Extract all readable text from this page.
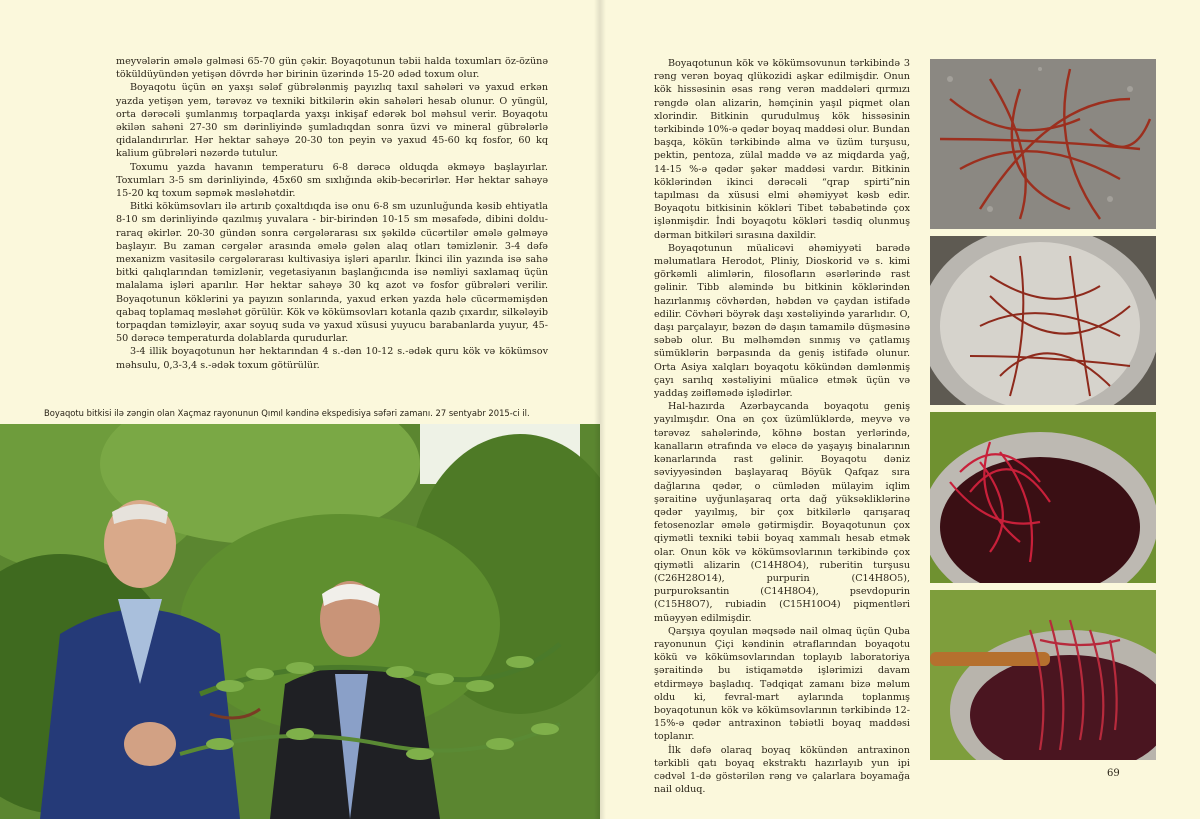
meyvələrin əmələ gəlməsi 65-70 gün çəkir. Boyaqotunun təbii halda toxumları öz-özünə töküldüyündən yetişən dövrdə hər birinin üzərində 15-20 ədəd toxum olur.

Boyaqotu üçün ən yaxşı sələf gübrələnmiş payızlıq taxıl sahələri və yaxud erkən yazda yetişən yem, tərəvəz və texniki bitkilərin əkin sahələri hesab olunur. O yüngül, orta dərəcəli şumlanmış torpaqlarda yaxşı inkişaf edərək bol məhsul verir. Boyaqotu əkilən sahəni 27-30 sm dərinliyində şumladıqdan sonra üzvi və mineral gübrələrlə qidalandırırlar. Hər hektar sahəyə 20-30 ton peyin və yaxud 45-60 kq fosfor, 60 kq kalium gübrələri nəzərdə tutulur.

Toxumu yazda havanın temperaturu 6-8 dərəcə olduqda əkməyə başlayırlar. Toxumları 3-5 sm dərinliyində, 45x60 sm sıxlığında əkib-becərirlər. Hər hektar sahəyə 15-20 kq toxum səpmək məsləhətdir.

Bitki kökümsovları ilə artırıb çoxaltdıqda isə onu 6-8 sm uzunluğunda kəsib ehtiyatla 8-10 sm dərinliyində qazılmış yuvalara - bir-birindən 10-15 sm məsafədə, dibini dolduraraq əkirlər. 20-30 gündən sonra cərgələrarası sıx şəkildə cücərtilər əmələ gəlməyə başlayır. Bu zaman cərgələr arasında əmələ gələn alaq otları təmizlənir. 3-4 dəfə mexanizm vasitəsilə cərgələrarası kultivasiya işləri aparılır. İkinci ilin yazında isə sahə bitki qalıqlarından təmizlənir, vegetasiyanın başlanğıcında isə nəmliyi saxlamaq üçün malalama işləri aparılır. Hər hektar sahəyə 30 kq azot və fosfor gübrələri verilir. Boyaqotunun köklərini ya payızın sonlarında, yaxud erkən yazda hələ cücərməmişdən qabaq toplamaq məsləhət görülür. Kök və kökümsovları kotanla qazıb çıxardır, silkələyib torpaqdan təmizləyir, axar soyuq suda və yaxud xüsusi yuyucu barabanlarda yuyur, 45-50 dərəcə temperaturda dolablarda qurudurlar.

3-4 illik boyaqotunun hər hektarından 4 s.-dən 10-12 s.-ədək quru kök və kökümsov məhsulu, 0,3-3,4 s.-ədək toxum götürülür.

Boyaqotu bitkisi ilə zəngin olan Xaçmaz rayonunun Qımıl kəndinə ekspedisiya səfəri zamanı. 27 sentyabr 2015-ci il.

Boyaqotunun kök və kökümsovunun tərkibində 3 rəng verən boyaq qlükozidi aşkar edilmişdir. Onun kök hissəsinin əsas rəng verən maddələri qırmızı rəngdə olan alizarin, həmçinin yaşıl piqmet olan xlorindir. Bitkinin qurudulmuş kök hissəsinin tərkibində 10%-ə qədər boyaq maddəsi olur. Bundan başqa, kökün tərkibində alma və üzüm turşusu, pektin, pentoza, zülal maddə və az miqdarda yağ, 14-15 %-ə qədər şəkər maddəsi vardır. Bitkinin köklərindən ikinci dərəcəli “qrap spirti”nin tapılması da xüsusi elmi əhəmiyyət kəsb edir. Boyaqotu bitkisinin kökləri Tibet təbabətində çox işlənmişdir. İndi boyaqotu kökləri təsdiq olunmuş dərman bitkiləri sırasına daxildir.

Boyaqotunun müalicəvi əhəmiyyəti barədə məlumatlara Herodot, Pliniy, Dioskorid və s. kimi görkəmli alimlərin, filosofların əsərlərində rast gəlinir. Tibb aləmində bu bitkinin köklərindən hazırlanmış cövhərdən, həbdən və çaydan istifadə edilir. Cövhəri böyrək daşı xəstəliyində yararlıdır. O, daşı parçalayır, bəzən də daşın tamamilə düşməsinə səbəb olur. Bu məlhəmdən sınmış və çatlamış sümüklərin bərpasında da geniş istifadə olunur. Orta Asiya xalqları boyaqotu kökündən dəmlənmiş çayı sarılıq xəstəliyini müalicə etmək üçün və yaddaş zəifləmədə işlədirlər.

Hal-hazırda Azərbaycanda boyaqotu geniş yayılmışdır. Ona ən çox üzümlüklərdə, meyvə və tərəvəz sahələrində, köhnə bostan yerlərində, kanalların ətrafında və eləcə də yaşayış binalarının kənarlarında rast gəlinir. Boyaqotu dəniz səviyyəsindən başlayaraq Böyük Qafqaz sıra dağlarına qədər, o cümlədən mülayim iqlim şəraitinə uyğunlaşaraq orta dağ yüksəkliklərinə qədər yayılmış, bir çox bitkilərlə qarışaraq fetosenozlar əmələ gətirmişdir. Boyaqotunun çox qiymətli texniki təbii boyaq xammalı hesab etmək olar. Onun kök və kökümsovlarının tərkibində çox qiymətli alizarin (C14H8O4), ruberitin turşusu (C26H28O14), purpurin (C14H8O5), purpuroksantin (C14H8O4), psevdopurin (C15H8O7), rubiadin (C15H10O4) piqmentləri müəyyən edilmişdir.

Qarşıya qoyulan məqsədə nail olmaq üçün Quba rayonunun Çiçi kəndinin ətraflarından boyaqotu kökü və kökümsovlarından toplayıb laboratoriya şəraitində bu istiqamətdə işlərimizi davam etdirməyə başladıq. Tədqiqat zamanı bizə məlum oldu ki, fevral-mart aylarında toplanmış boyaqotunun kök və kökümsovlarının tərkibində 12-15%-ə qədər antraxinon təbiətli boyaq maddəsi toplanır.

İlk dəfə olaraq boyaq kökündən antraxinon tərkibli qatı boyaq ekstraktı hazırlayıb yun ipi cədvəl 1-də göstərilən rəng və çalarlara boyamağa nail olduq.

69
